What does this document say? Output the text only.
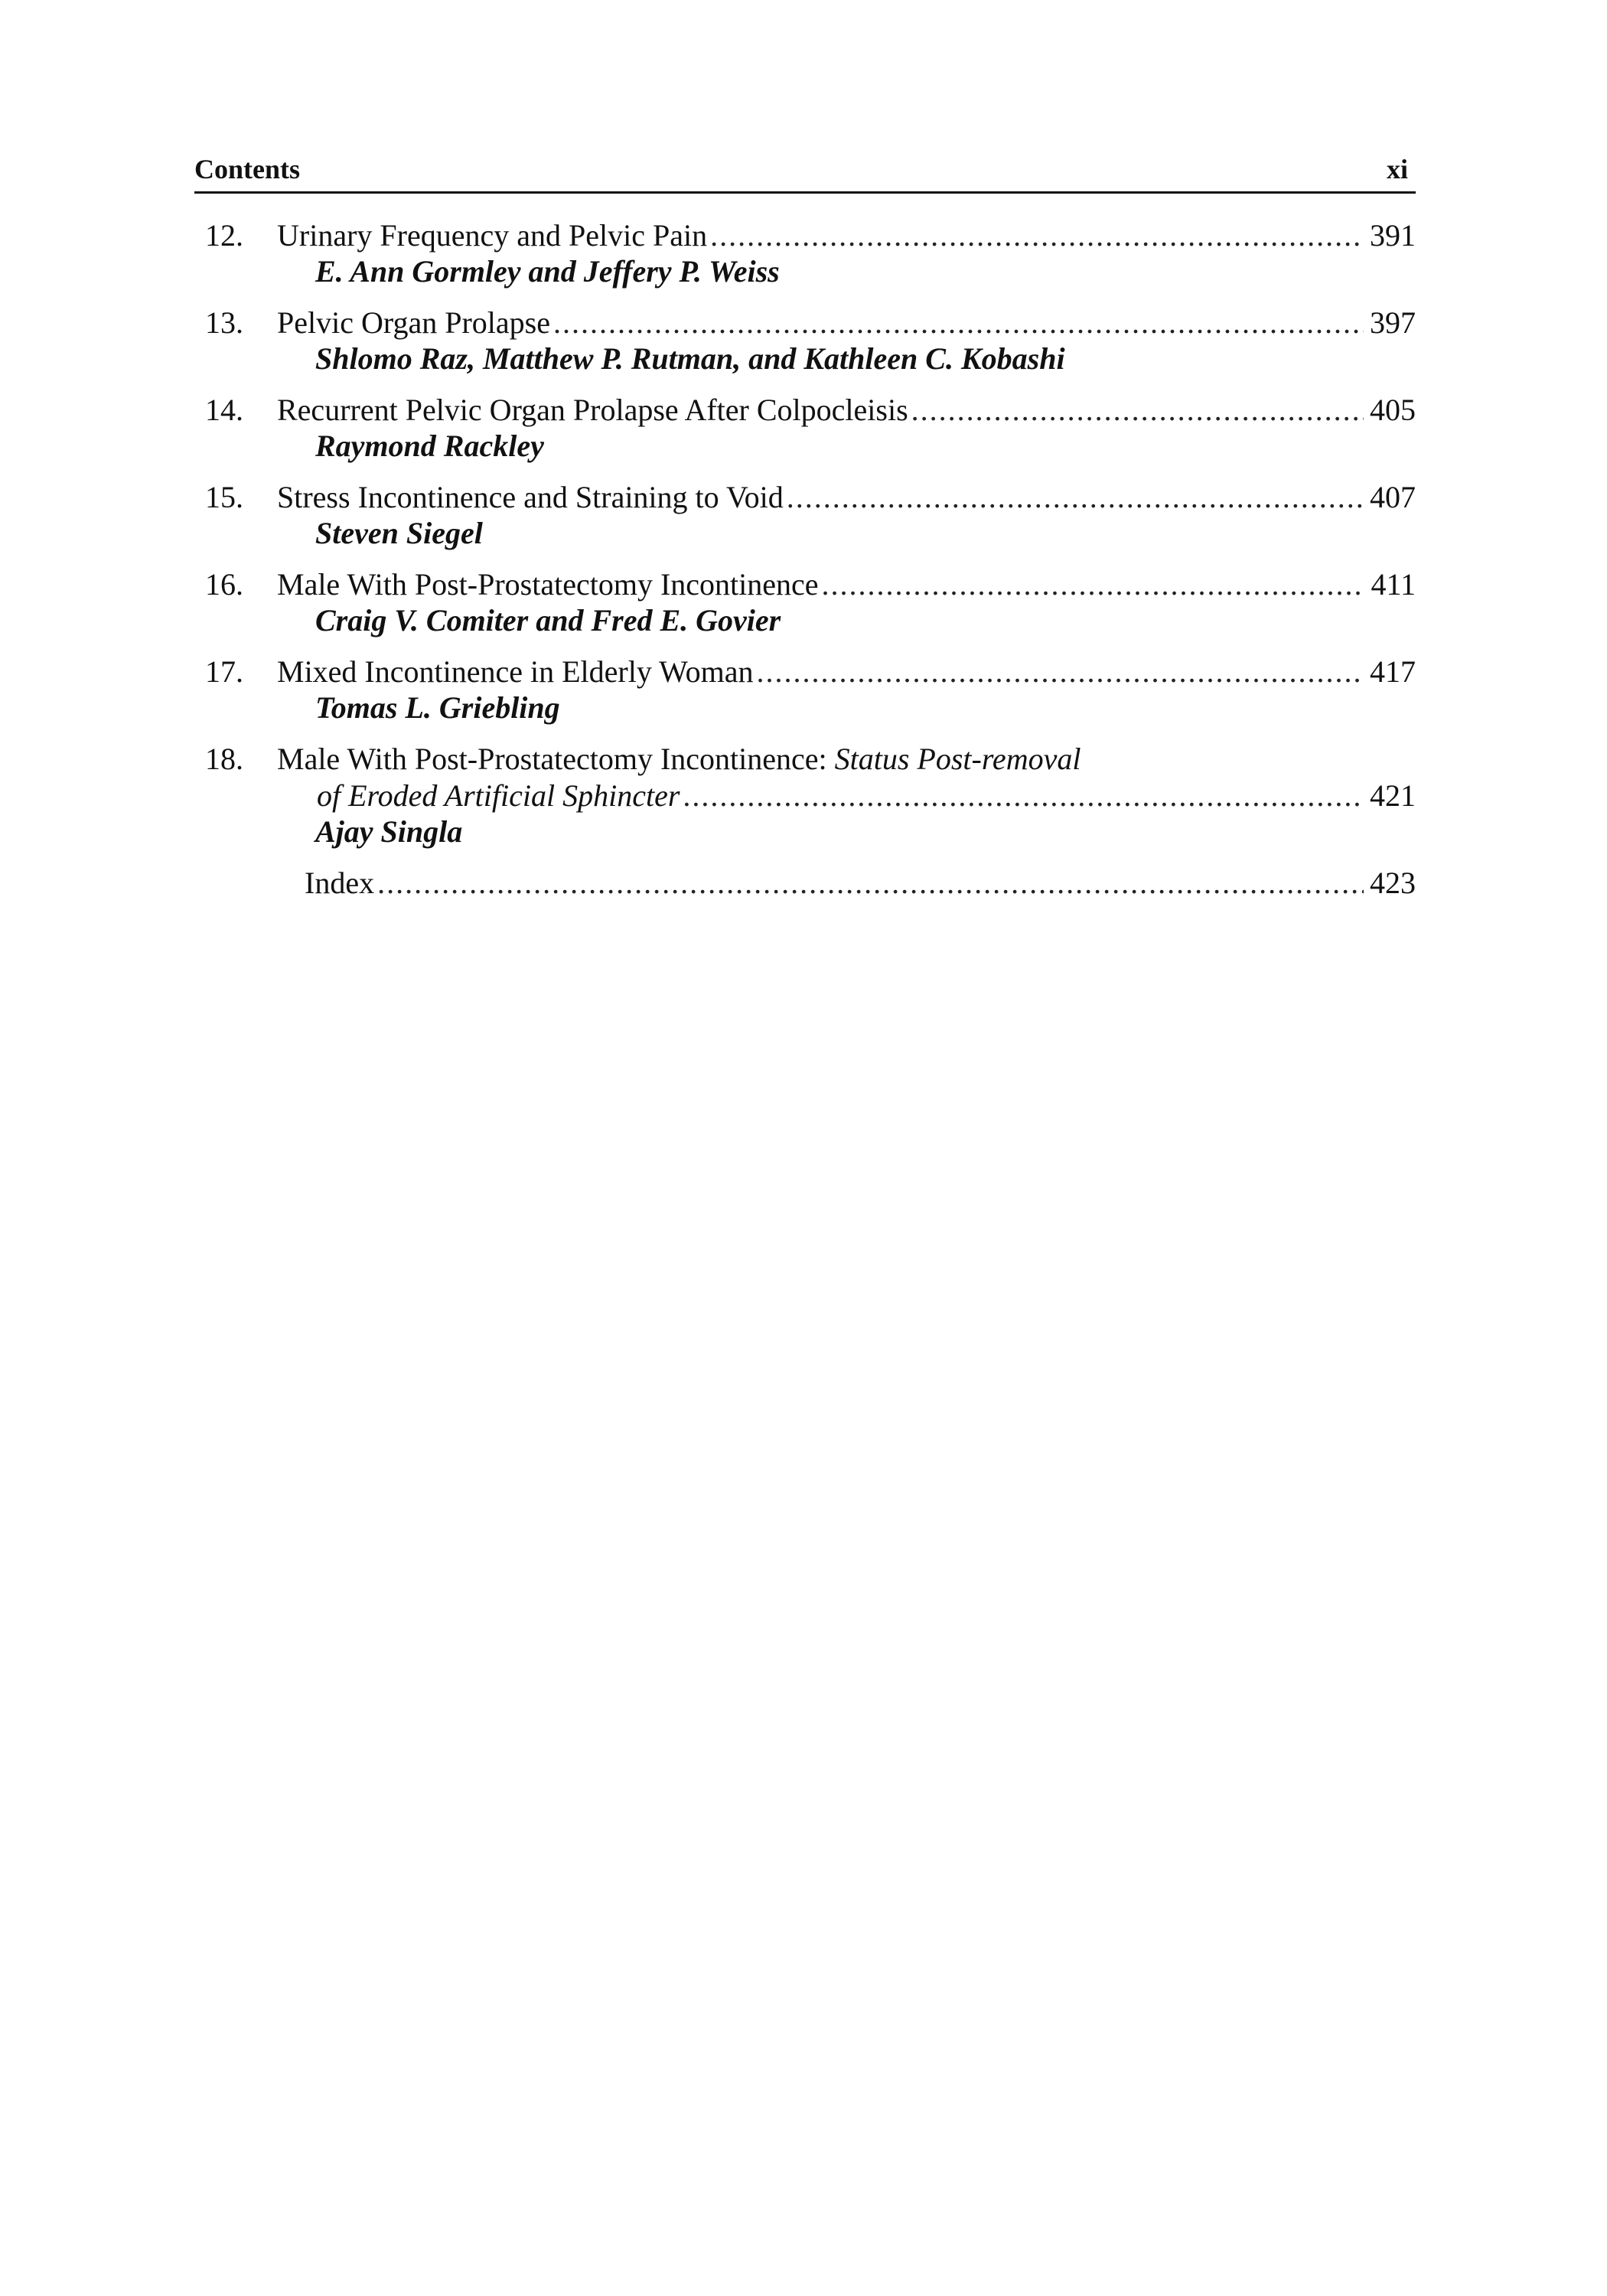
Contents	xi
12.	Urinary Frequency and Pelvic Pain .....	391
E. Ann Gormley and Jeffery P. Weiss
13.	Pelvic Organ Prolapse .....	397
Shlomo Raz, Matthew P. Rutman, and Kathleen C. Kobashi
14.	Recurrent Pelvic Organ Prolapse After Colpocleisis .....	405
Raymond Rackley
15.	Stress Incontinence and Straining to Void .....	407
Steven Siegel
16.	Male With Post-Prostatectomy Incontinence .....	411
Craig V. Comiter and Fred E. Govier
17.	Mixed Incontinence in Elderly Woman .....	417
Tomas L. Griebling
18.	Male With Post-Prostatectomy Incontinence: Status Post-removal
of Eroded Artificial Sphincter .....	421
Ajay Singla
Index .....	423
